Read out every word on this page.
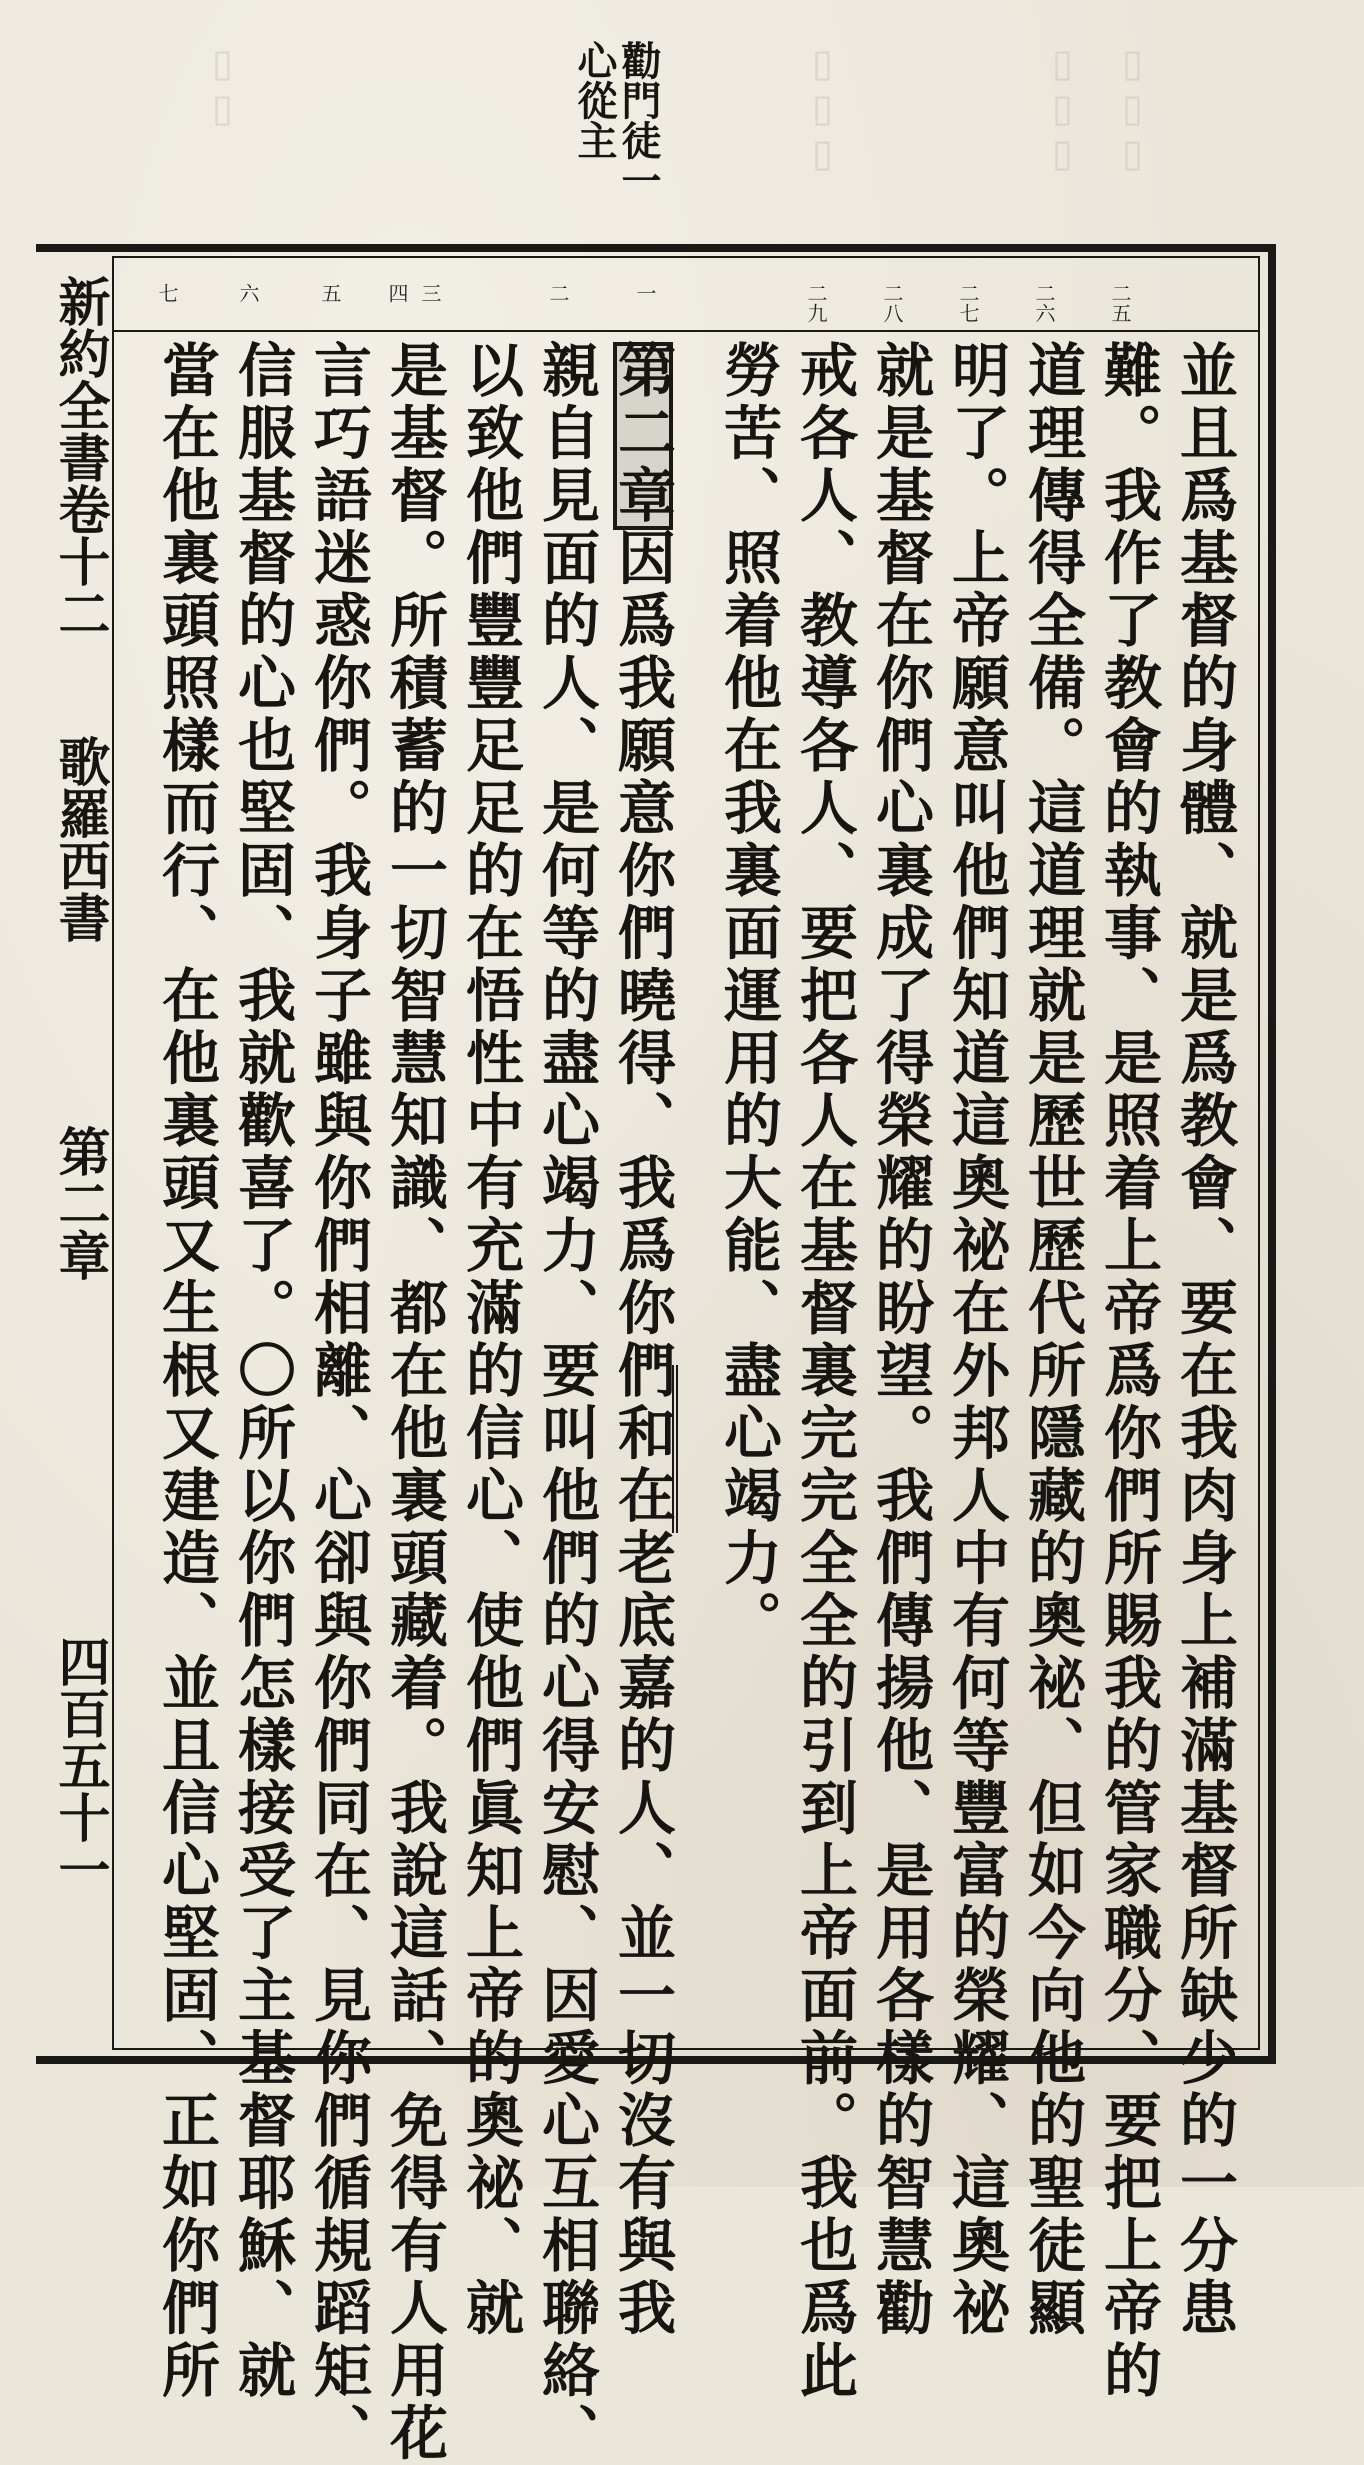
▯▯▯ ▯▯▯
▯▯▯
▯▯	勸門徒一
心從主
新約全書卷十二
歌羅西書
第二章
四百五十一
二五
二六
二七
二八
二九
一
二
三
四
五
六
七
並且爲基督的身體、就是爲教會、要在我肉身上補滿基督所缺少的一分患
難。我作了教會的執事、是照着上帝爲你們所賜我的管家職分、要把上帝的
道理傳得全備。這道理就是歷世歷代所隱藏的奧祕、但如今向他的聖徒顯
明了。上帝願意叫他們知道這奧祕在外邦人中有何等豐富的榮耀、這奧祕
就是基督在你們心裏成了得榮耀的盼望。我們傳揚他、是用各樣的智慧勸
戒各人、教導各人、要把各人在基督裏完完全全的引到上帝面前。我也爲此
勞苦、照着他在我裏面運用的大能、盡心竭力。
第二章因爲我願意你們曉得、我爲你們和在老底嘉的人、並一切沒有與我
親自見面的人、是何等的盡心竭力、要叫他們的心得安慰、因愛心互相聯絡、
以致他們豐豐足足的在悟性中有充滿的信心、使他們眞知上帝的奧祕、就
是基督。所積蓄的一切智慧知識、都在他裏頭藏着。我說這話、免得有人用花
言巧語迷惑你們。我身子雖與你們相離、心卻與你們同在、見你們循規蹈矩、
信服基督的心也堅固、我就歡喜了。〇所以你們怎樣接受了主基督耶穌、就
當在他裏頭照樣而行、在他裏頭又生根又建造、並且信心堅固、正如你們所
